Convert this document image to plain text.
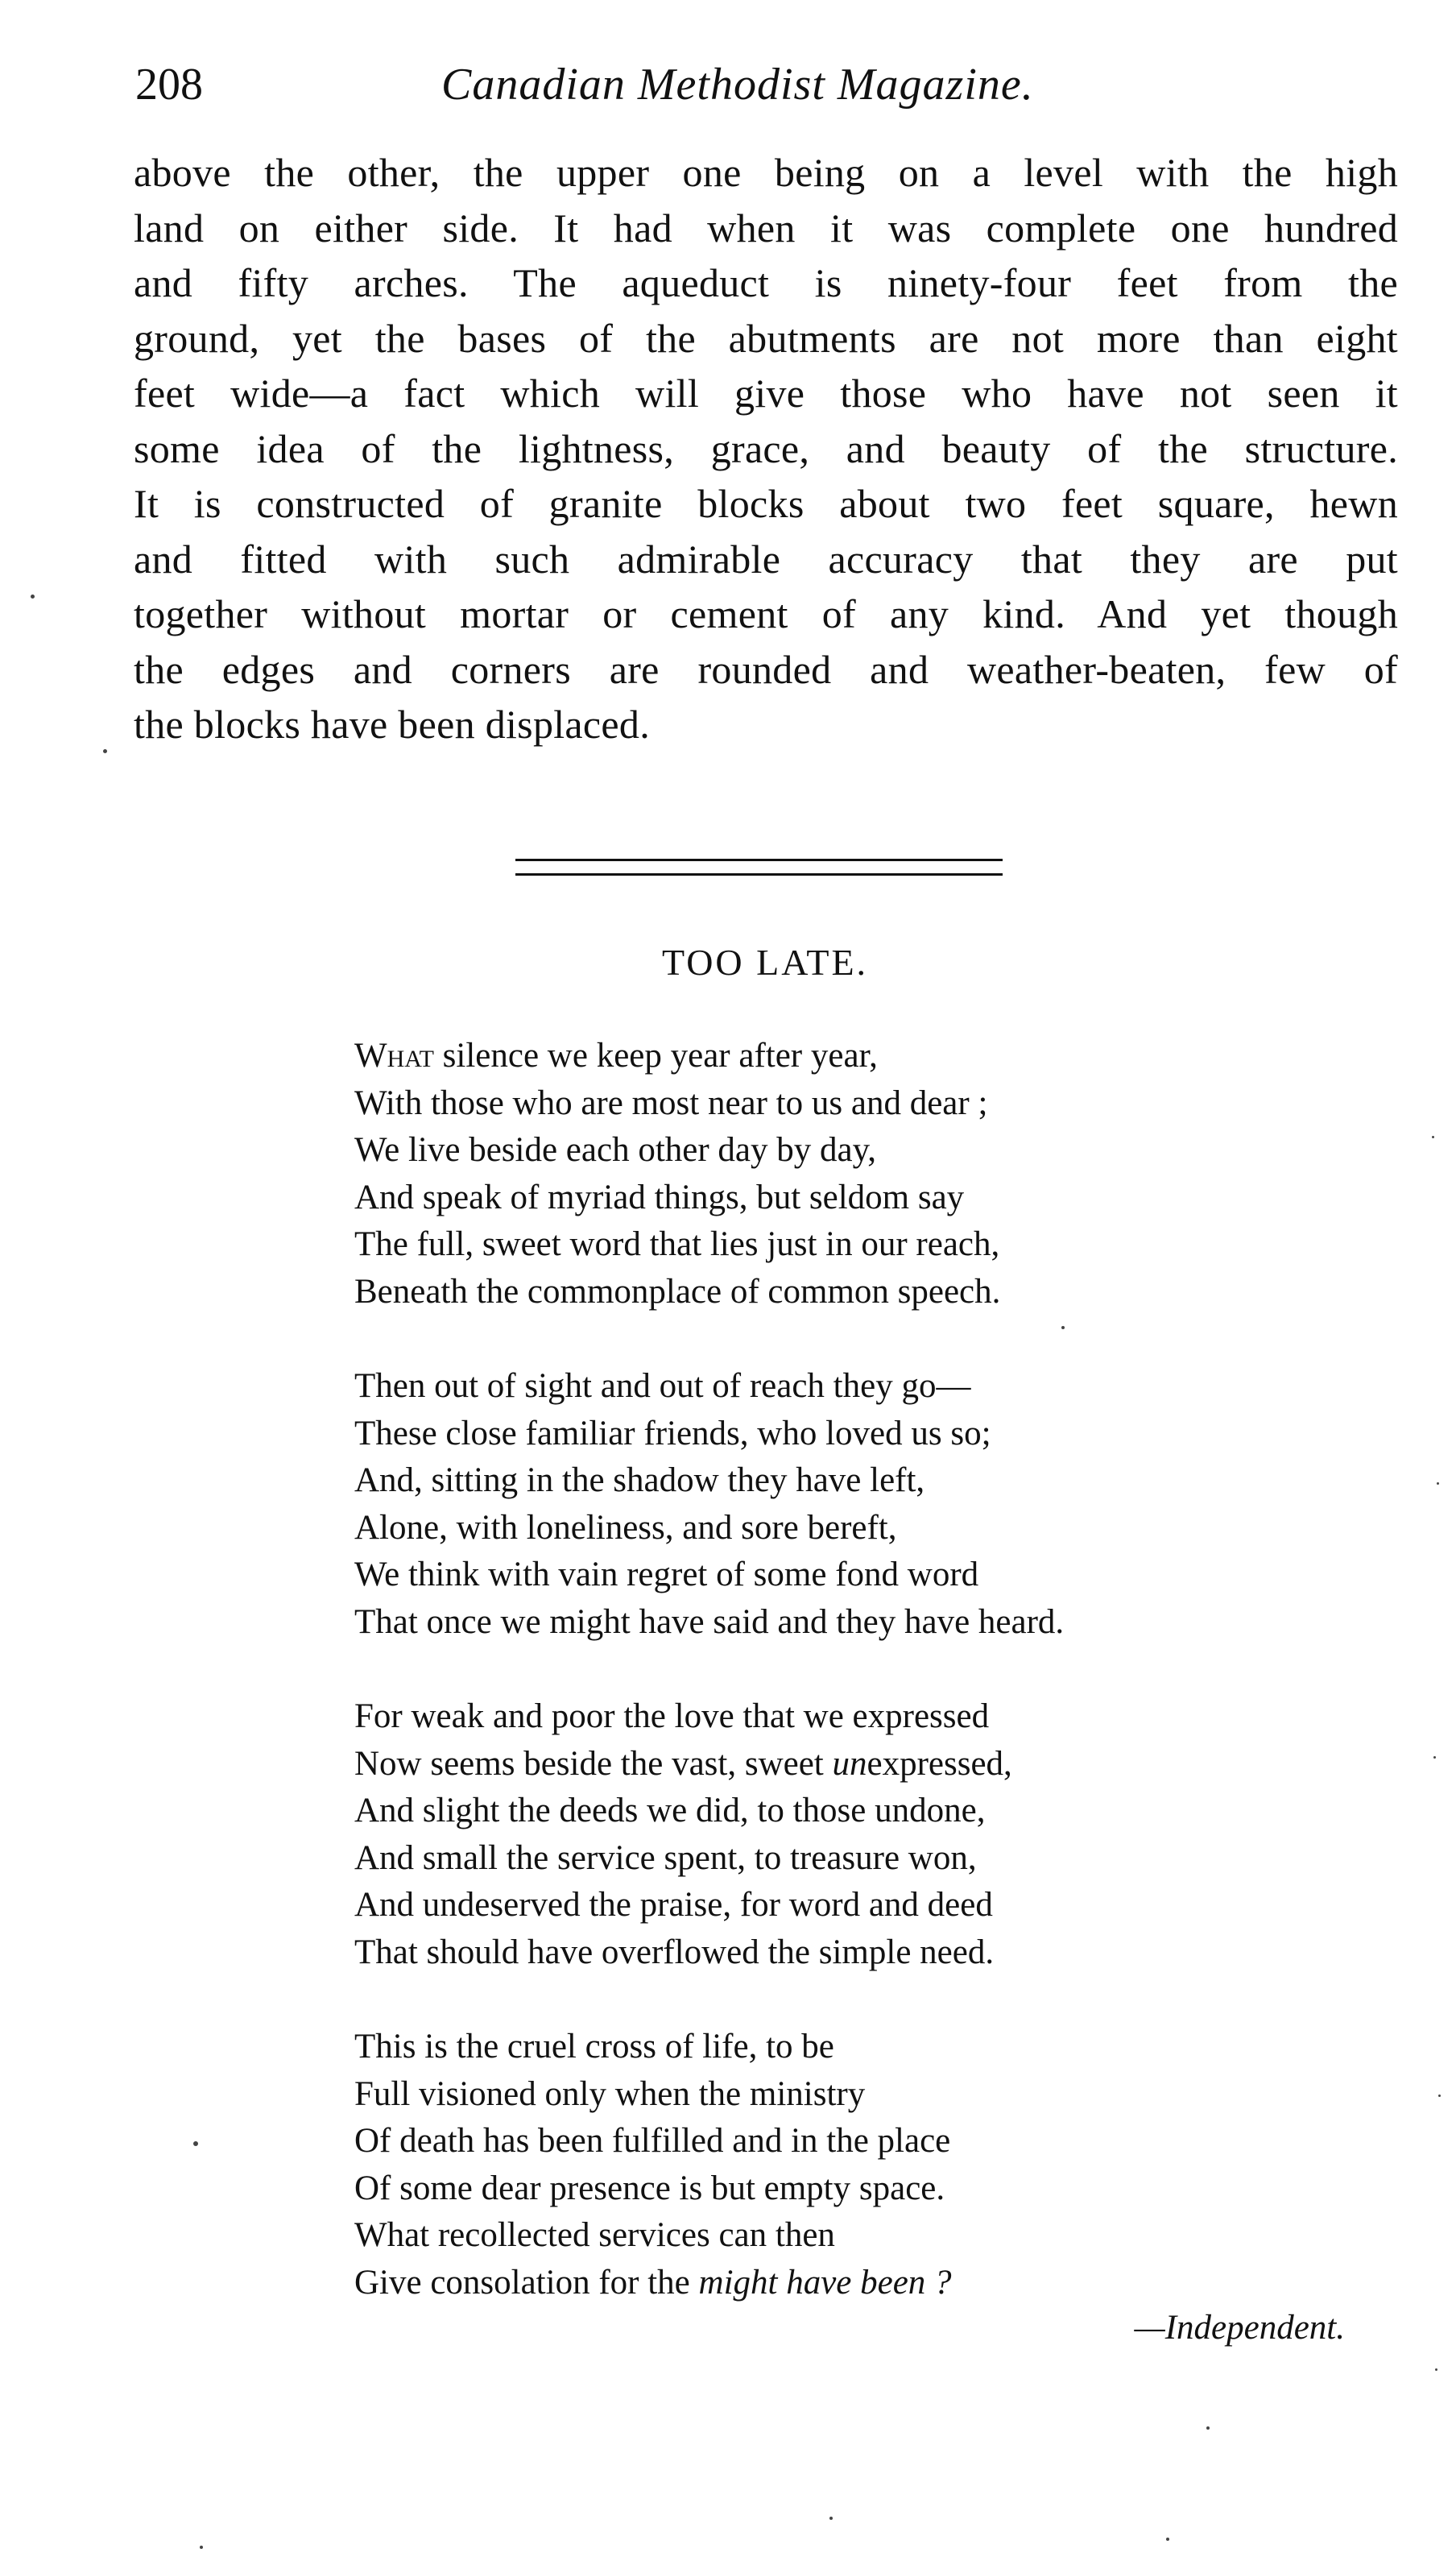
208	Canadian Methodist Magazine.
above the other, the upper one being on a level with the high
land on either side. It had when it was complete one hundred
and fifty arches. The aqueduct is ninety-four feet from the
ground, yet the bases of the abutments are not more than eight
feet wide—a fact which will give those who have not seen it
some idea of the lightness, grace, and beauty of the structure.
It is constructed of granite blocks about two feet square, hewn
and fitted with such admirable accuracy that they are put
together without mortar or cement of any kind. And yet though
the edges and corners are rounded and weather-beaten, few of
the blocks have been displaced.
TOO LATE.
What silence we keep year after year,
With those who are most near to us and dear ;
We live beside each other day by day,
And speak of myriad things, but seldom say
The full, sweet word that lies just in our reach,
Beneath the commonplace of common speech.
Then out of sight and out of reach they go—
These close familiar friends, who loved us so;
And, sitting in the shadow they have left,
Alone, with loneliness, and sore bereft,
We think with vain regret of some fond word
That once we might have said and they have heard.
For weak and poor the love that we expressed
Now seems beside the vast, sweet unexpressed,
And slight the deeds we did, to those undone,
And small the service spent, to treasure won,
And undeserved the praise, for word and deed
That should have overflowed the simple need.
This is the cruel cross of life, to be
Full visioned only when the ministry
Of death has been fulfilled and in the place
Of some dear presence is but empty space.
What recollected services can then
Give consolation for the might have been ?
—Independent.
